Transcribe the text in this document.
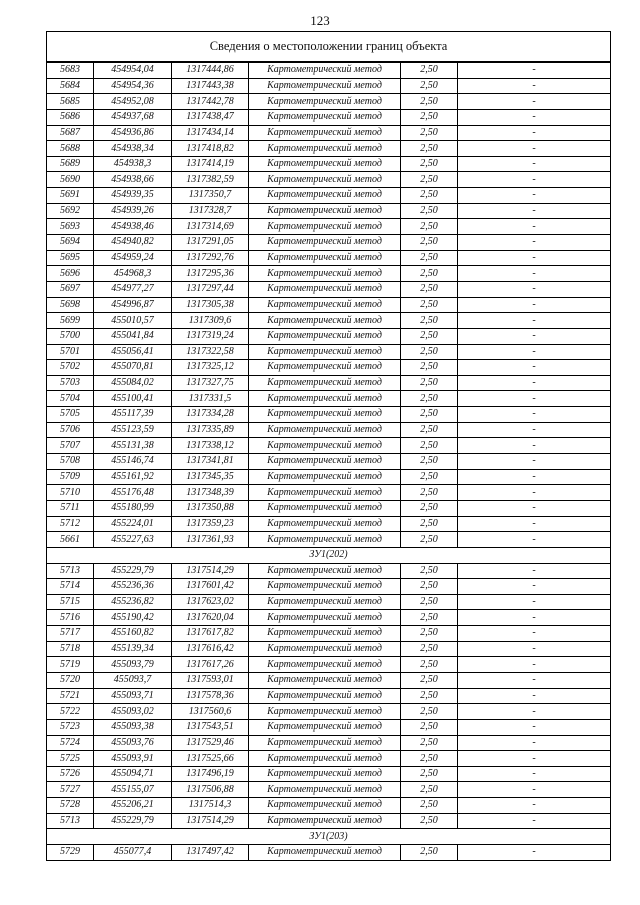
123
Сведения о местоположении границ объекта					
5683	454954,04	1317444,86	Картометрический метод	2,50	-
5684	454954,36	1317443,38	Картометрический метод	2,50	-
5685	454952,08	1317442,78	Картометрический метод	2,50	-
5686	454937,68	1317438,47	Картометрический метод	2,50	-
5687	454936,86	1317434,14	Картометрический метод	2,50	-
5688	454938,34	1317418,82	Картометрический метод	2,50	-
5689	454938,3	1317414,19	Картометрический метод	2,50	-
5690	454938,66	1317382,59	Картометрический метод	2,50	-
5691	454939,35	1317350,7	Картометрический метод	2,50	-
5692	454939,26	1317328,7	Картометрический метод	2,50	-
5693	454938,46	1317314,69	Картометрический метод	2,50	-
5694	454940,82	1317291,05	Картометрический метод	2,50	-
5695	454959,24	1317292,76	Картометрический метод	2,50	-
5696	454968,3	1317295,36	Картометрический метод	2,50	-
5697	454977,27	1317297,44	Картометрический метод	2,50	-
5698	454996,87	1317305,38	Картометрический метод	2,50	-
5699	455010,57	1317309,6	Картометрический метод	2,50	-
5700	455041,84	1317319,24	Картометрический метод	2,50	-
5701	455056,41	1317322,58	Картометрический метод	2,50	-
5702	455070,81	1317325,12	Картометрический метод	2,50	-
5703	455084,02	1317327,75	Картометрический метод	2,50	-
5704	455100,41	1317331,5	Картометрический метод	2,50	-
5705	455117,39	1317334,28	Картометрический метод	2,50	-
5706	455123,59	1317335,89	Картометрический метод	2,50	-
5707	455131,38	1317338,12	Картометрический метод	2,50	-
5708	455146,74	1317341,81	Картометрический метод	2,50	-
5709	455161,92	1317345,35	Картометрический метод	2,50	-
5710	455176,48	1317348,39	Картометрический метод	2,50	-
5711	455180,99	1317350,88	Картометрический метод	2,50	-
5712	455224,01	1317359,23	Картометрический метод	2,50	-
5661	455227,63	1317361,93	Картометрический метод	2,50	-
ЗУ1(202)					
5713	455229,79	1317514,29	Картометрический метод	2,50	-
5714	455236,36	1317601,42	Картометрический метод	2,50	-
5715	455236,82	1317623,02	Картометрический метод	2,50	-
5716	455190,42	1317620,04	Картометрический метод	2,50	-
5717	455160,82	1317617,82	Картометрический метод	2,50	-
5718	455139,34	1317616,42	Картометрический метод	2,50	-
5719	455093,79	1317617,26	Картометрический метод	2,50	-
5720	455093,7	1317593,01	Картометрический метод	2,50	-
5721	455093,71	1317578,36	Картометрический метод	2,50	-
5722	455093,02	1317560,6	Картометрический метод	2,50	-
5723	455093,38	1317543,51	Картометрический метод	2,50	-
5724	455093,76	1317529,46	Картометрический метод	2,50	-
5725	455093,91	1317525,66	Картометрический метод	2,50	-
5726	455094,71	1317496,19	Картометрический метод	2,50	-
5727	455155,07	1317506,88	Картометрический метод	2,50	-
5728	455206,21	1317514,3	Картометрический метод	2,50	-
5713	455229,79	1317514,29	Картометрический метод	2,50	-
ЗУ1(203)					
5729	455077,4	1317497,42	Картометрический метод	2,50	-
